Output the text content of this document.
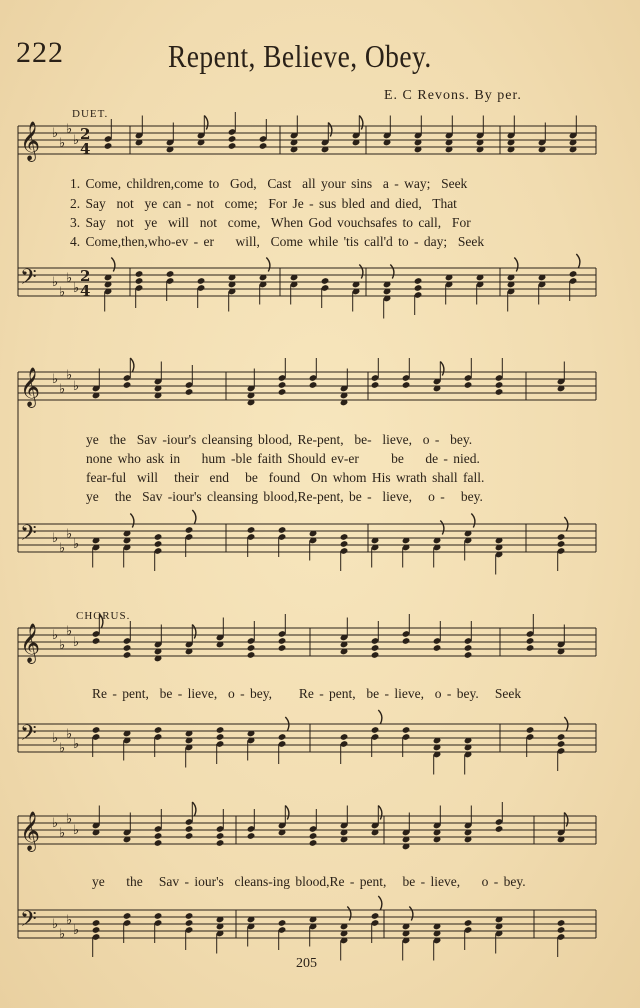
222	Repent, Believe, Obey.
E. C Revons. By per.
DUET.
CHORUS.
1. Come, children,come to  God,  Cast  all your sins  a - way;  Seek
2. Say  not  ye can - not  come;  For Je - sus bled and died,  That
3. Say  not  ye  will  not  come,  When God vouchsafes to call,  For
4. Come,then,who-ev - er    will,  Come while 'tis call'd to - day;  Seek
ye  the  Sav -iour's cleansing blood, Re-pent,  be-  lieve,  o -  bey.
none who ask in    hum -ble faith Should ev-er      be    de - nied.
fear-ful  will   their  end   be  found  On whom His wrath shall fall.
ye   the  Sav -iour's cleansing blood,Re-pent, be -  lieve,   o -   bey.
Re - pent,  be - lieve,  o - bey,     Re - pent,  be - lieve,  o - bey.   Seek
ye    the   Sav - iour's  cleans-ing blood,Re - pent,   be - lieve,    o - bey.
205
𝄞 ♭
♭
♭
♭
𝄢 ♭
♭
♭
♭
𝄞 ♭
♭
♭
♭
𝄢 ♭
♭
♭
♭
𝄞 ♭
♭
♭
♭
𝄢 ♭
♭
♭
♭
𝄞 ♭
♭
♭
♭
𝄢 ♭
♭
♭
♭
2
4
2
4
